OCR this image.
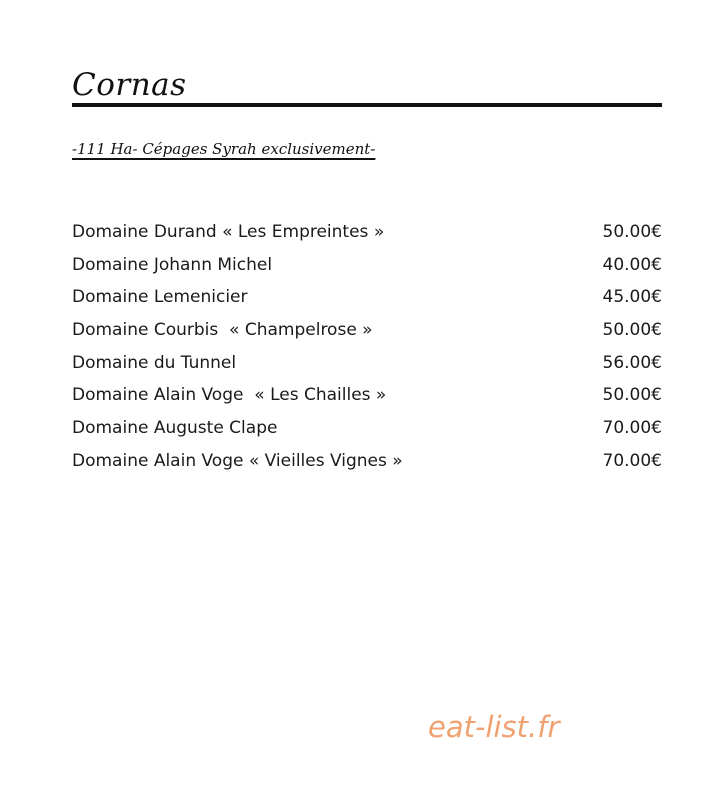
Cornas
-111 Ha- Cépages Syrah exclusivement-
Domaine Durand « Les Empreintes »	50.00€
Domaine Johann Michel	40.00€
Domaine Lemenicier	45.00€
Domaine Courbis  « Champelrose »	50.00€
Domaine du Tunnel	56.00€
Domaine Alain Voge  « Les Chailles »	50.00€
Domaine Auguste Clape	70.00€
Domaine Alain Voge « Vieilles Vignes »	70.00€
eat-list.fr
